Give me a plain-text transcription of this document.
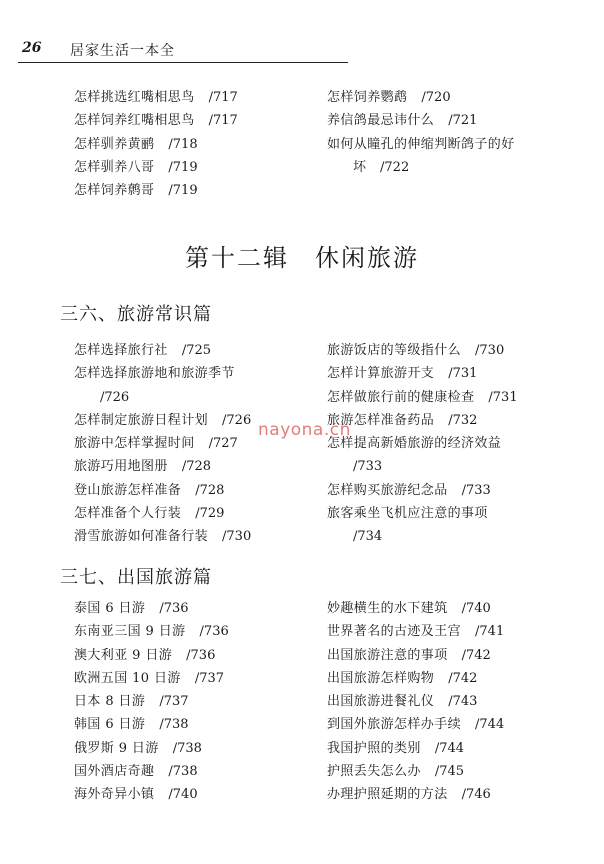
26 居家生活一本全
怎样挑选红嘴相思鸟 /717
怎样饲养红嘴相思鸟 /717
怎样驯养黄鹂 /718
怎样驯养八哥 /719
怎样饲养鹩哥 /719
怎样饲养鹦鹉 /720
养信鸽最忌讳什么 /721
如何从瞳孔的伸缩判断鸽子的好
坏 /722
第十二辑　休闲旅游
三六、旅游常识篇
怎样选择旅行社 /725
怎样选择旅游地和旅游季节
/726
怎样制定旅游日程计划 /726
旅游中怎样掌握时间 /727
旅游巧用地图册 /728
登山旅游怎样准备 /728
怎样准备个人行装 /729
滑雪旅游如何准备行装 /730
旅游饭店的等级指什么 /730
怎样计算旅游开支 /731
怎样做旅行前的健康检查 /731
旅游怎样准备药品 /732
怎样提高新婚旅游的经济效益
/733
怎样购买旅游纪念品 /733
旅客乘坐飞机应注意的事项
/734
三七、出国旅游篇
泰国 6 日游 /736
东南亚三国 9 日游 /736
澳大利亚 9 日游 /736
欧洲五国 10 日游 /737
日本 8 日游 /737
韩国 6 日游 /738
俄罗斯 9 日游 /738
国外酒店奇趣 /738
海外奇异小镇 /740
妙趣横生的水下建筑 /740
世界著名的古迹及王宫 /741
出国旅游注意的事项 /742
出国旅游怎样购物 /742
出国旅游进餐礼仪 /743
到国外旅游怎样办手续 /744
我国护照的类别 /744
护照丢失怎么办 /745
办理护照延期的方法 /746
nayona.cn
